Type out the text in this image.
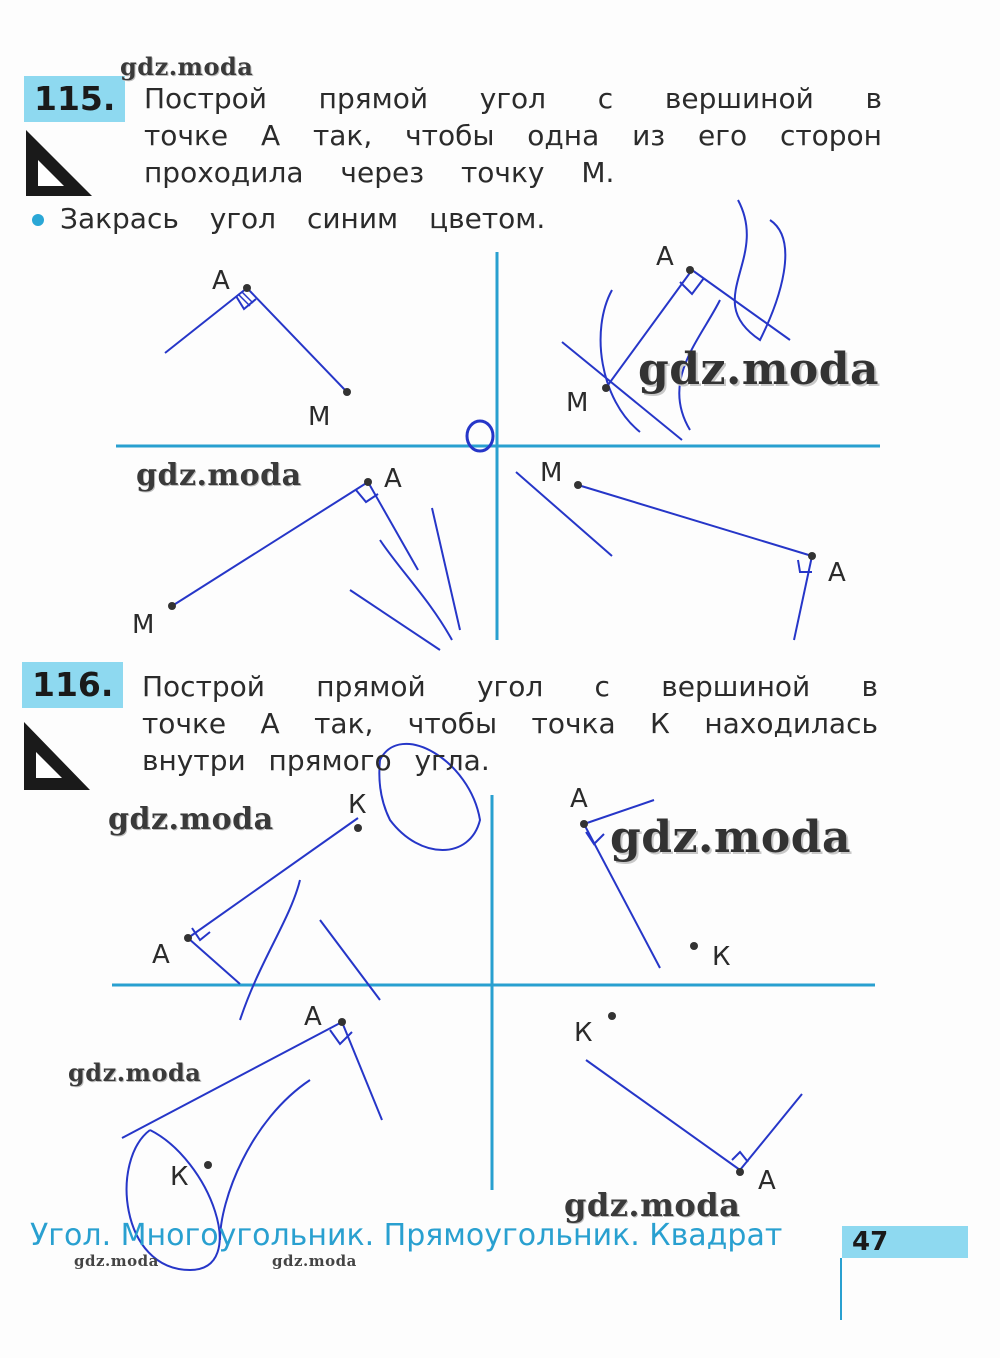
115.	Построй прямой угол с вершиной в
точке А так, чтобы одна из его сторон
проходила через точку М.
Закрась угол синим цветом.
116.	Построй прямой угол с вершиной в
точке А так, чтобы точка К находилась
внутри прямого угла.
А
М
А
М
А
М
М
А
К
А
А
К
А
К
К
А
gdz.moda
gdz.moda
gdz.moda
gdz.moda	gdz.moda
gdz.moda
gdz.moda
gdz.moda	gdz.moda
Угол. Многоугольник. Прямоугольник. Квадрат	47
